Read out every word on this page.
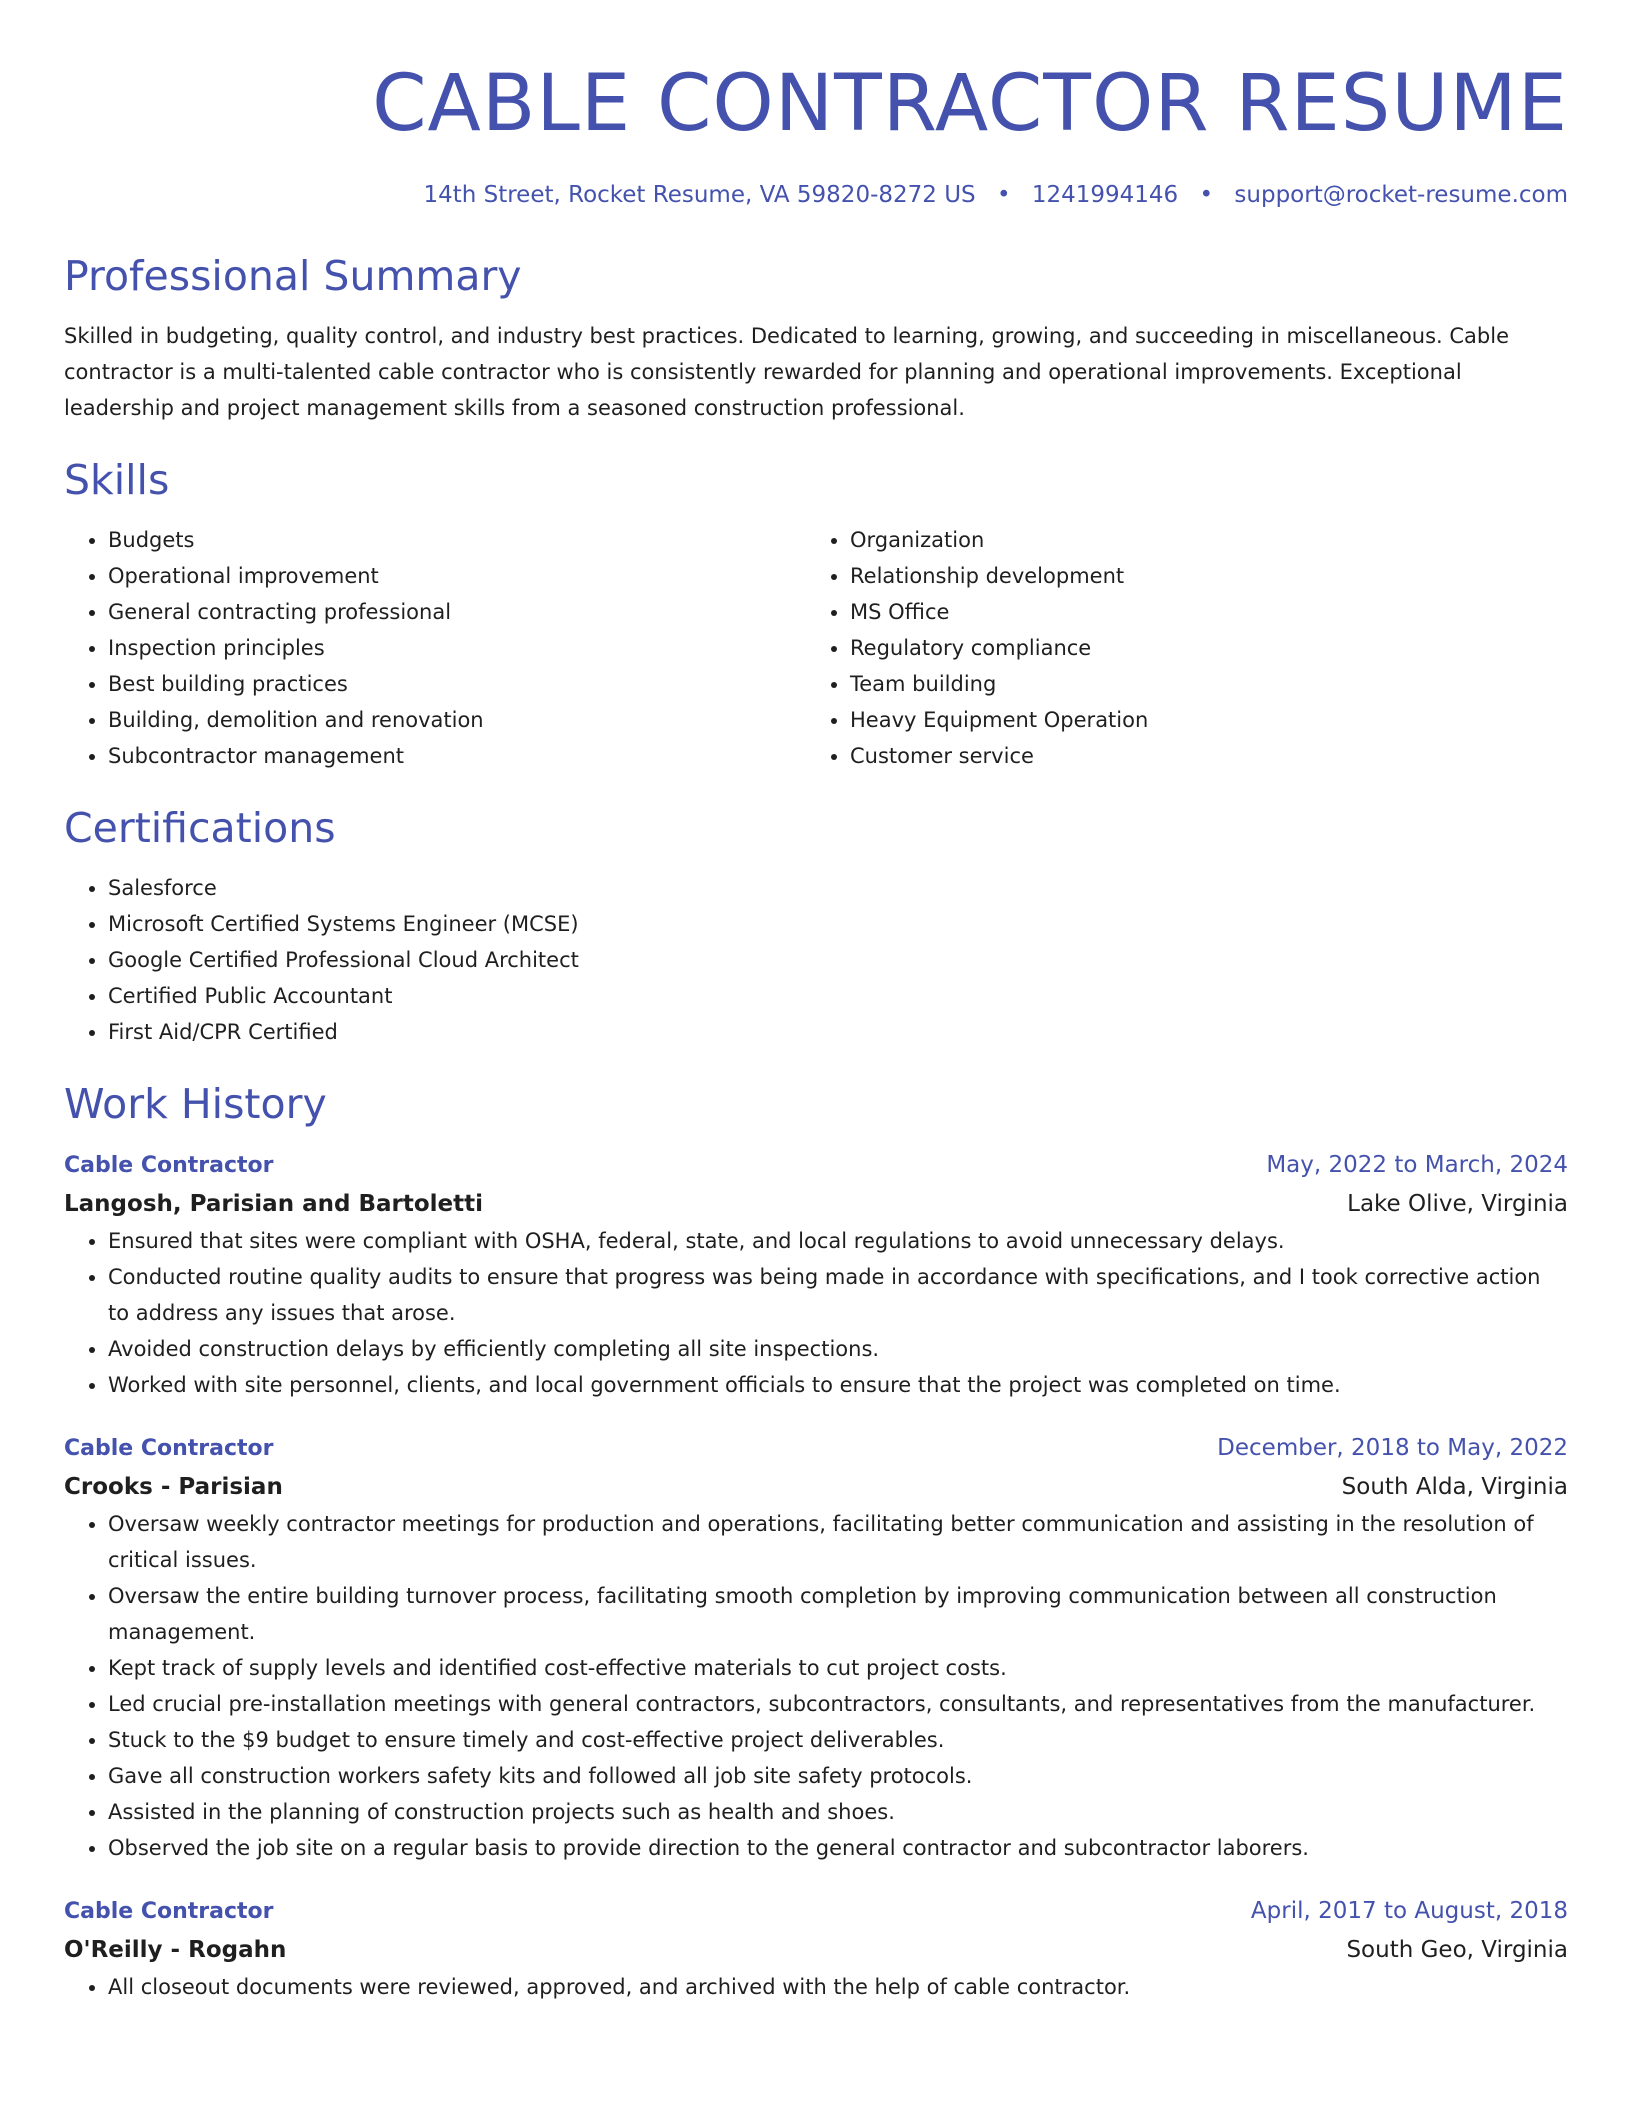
CABLE CONTRACTOR RESUME
14th Street, Rocket Resume, VA 59820-8272 US • 1241994146 • support@rocket-resume.com
Professional Summary

Skilled in budgeting, quality control, and industry best practices. Dedicated to learning, growing, and succeeding in miscellaneous. Cable contractor is a multi-talented cable contractor who is consistently rewarded for planning and operational improvements. Exceptional leadership and project management skills from a seasoned construction professional.

Skills
• Budgets
• Operational improvement
• General contracting professional
• Inspection principles
• Best building practices
• Building, demolition and renovation
• Subcontractor management
• Organization
• Relationship development
• MS Office
• Regulatory compliance
• Team building
• Heavy Equipment Operation
• Customer service
Certifications
• Salesforce
• Microsoft Certified Systems Engineer (MCSE)
• Google Certified Professional Cloud Architect
• Certified Public Accountant
• First Aid/CPR Certified
Work History
Cable Contractor	May, 2022 to March, 2024
Langosh, Parisian and Bartoletti	Lake Olive, Virginia
• Ensured that sites were compliant with OSHA, federal, state, and local regulations to avoid unnecessary delays.
• Conducted routine quality audits to ensure that progress was being made in accordance with specifications, and I took corrective action to address any issues that arose.
• Avoided construction delays by efficiently completing all site inspections.
• Worked with site personnel, clients, and local government officials to ensure that the project was completed on time.
Cable Contractor	December, 2018 to May, 2022
Crooks - Parisian	South Alda, Virginia
• Oversaw weekly contractor meetings for production and operations, facilitating better communication and assisting in the resolution of critical issues.
• Oversaw the entire building turnover process, facilitating smooth completion by improving communication between all construction management.
• Kept track of supply levels and identified cost-effective materials to cut project costs.
• Led crucial pre-installation meetings with general contractors, subcontractors, consultants, and representatives from the manufacturer.
• Stuck to the $9 budget to ensure timely and cost-effective project deliverables.
• Gave all construction workers safety kits and followed all job site safety protocols.
• Assisted in the planning of construction projects such as health and shoes.
• Observed the job site on a regular basis to provide direction to the general contractor and subcontractor laborers.
Cable Contractor	April, 2017 to August, 2018
O'Reilly - Rogahn	South Geo, Virginia
• All closeout documents were reviewed, approved, and archived with the help of cable contractor.
